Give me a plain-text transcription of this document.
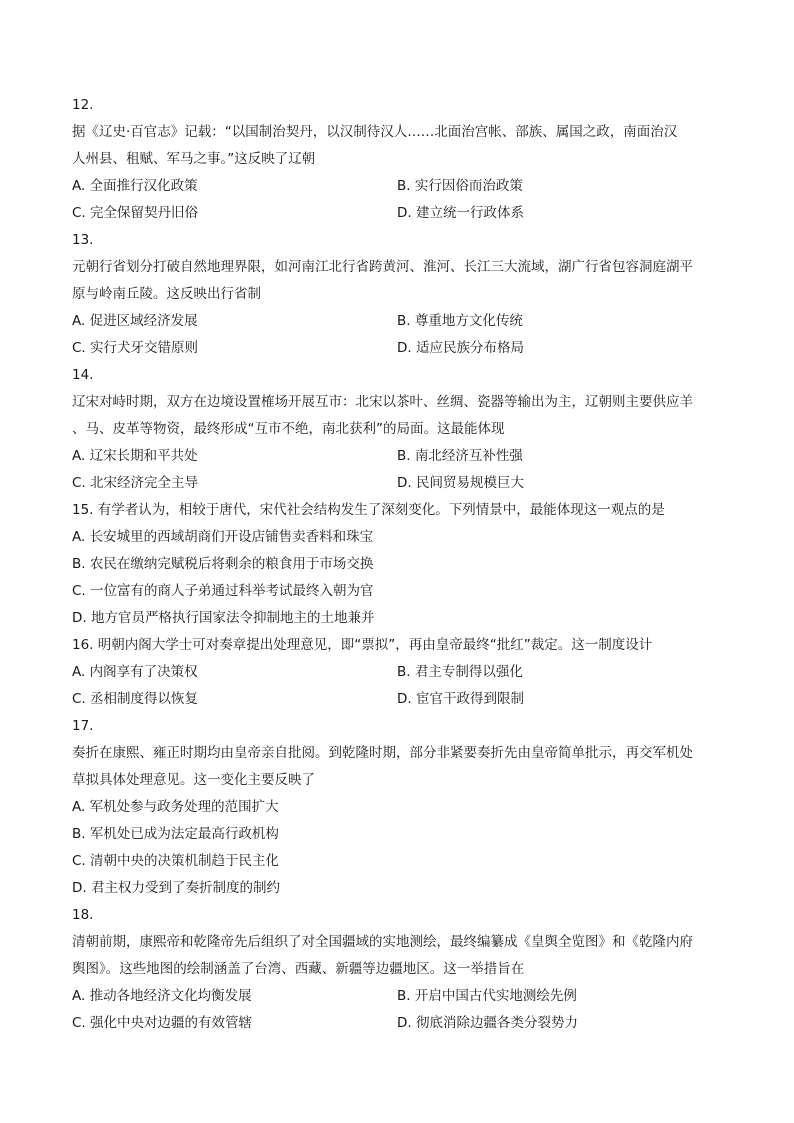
12.
据《辽史·百官志》记载：“以国制治契丹，以汉制待汉人……北面治宫帐、部族、属国之政，南面治汉
人州县、租赋、军马之事。”这反映了辽朝
A. 全面推行汉化政策	B. 实行因俗而治政策
C. 完全保留契丹旧俗	D. 建立统一行政体系
13.
元朝行省划分打破自然地理界限，如河南江北行省跨黄河、淮河、长江三大流域，湖广行省包容洞庭湖平
原与岭南丘陵。这反映出行省制
A. 促进区域经济发展	B. 尊重地方文化传统
C. 实行犬牙交错原则	D. 适应民族分布格局
14.
辽宋对峙时期，双方在边境设置榷场开展互市：北宋以茶叶、丝绸、瓷器等输出为主，辽朝则主要供应羊
、马、皮革等物资，最终形成“互市不绝，南北获利”的局面。这最能体现
A. 辽宋长期和平共处	B. 南北经济互补性强
C. 北宋经济完全主导	D. 民间贸易规模巨大
15. 有学者认为，相较于唐代，宋代社会结构发生了深刻变化。下列情景中，最能体现这一观点的是
A. 长安城里的西域胡商们开设店铺售卖香料和珠宝
B. 农民在缴纳完赋税后将剩余的粮食用于市场交换
C. 一位富有的商人子弟通过科举考试最终入朝为官
D. 地方官员严格执行国家法令抑制地主的土地兼并
16. 明朝内阁大学士可对奏章提出处理意见，即“票拟”，再由皇帝最终“批红”裁定。这一制度设计
A. 内阁享有了决策权	B. 君主专制得以强化
C. 丞相制度得以恢复	D. 宦官干政得到限制
17.
奏折在康熙、雍正时期均由皇帝亲自批阅。到乾隆时期，部分非紧要奏折先由皇帝简单批示，再交军机处
草拟具体处理意见。这一变化主要反映了
A. 军机处参与政务处理的范围扩大
B. 军机处已成为法定最高行政机构
C. 清朝中央的决策机制趋于民主化
D. 君主权力受到了奏折制度的制约
18.
清朝前期，康熙帝和乾隆帝先后组织了对全国疆域的实地测绘，最终编纂成《皇舆全览图》和《乾隆内府
舆图》。这些地图的绘制涵盖了台湾、西藏、新疆等边疆地区。这一举措旨在
A. 推动各地经济文化均衡发展	B. 开启中国古代实地测绘先例
C. 强化中央对边疆的有效管辖	D. 彻底消除边疆各类分裂势力
